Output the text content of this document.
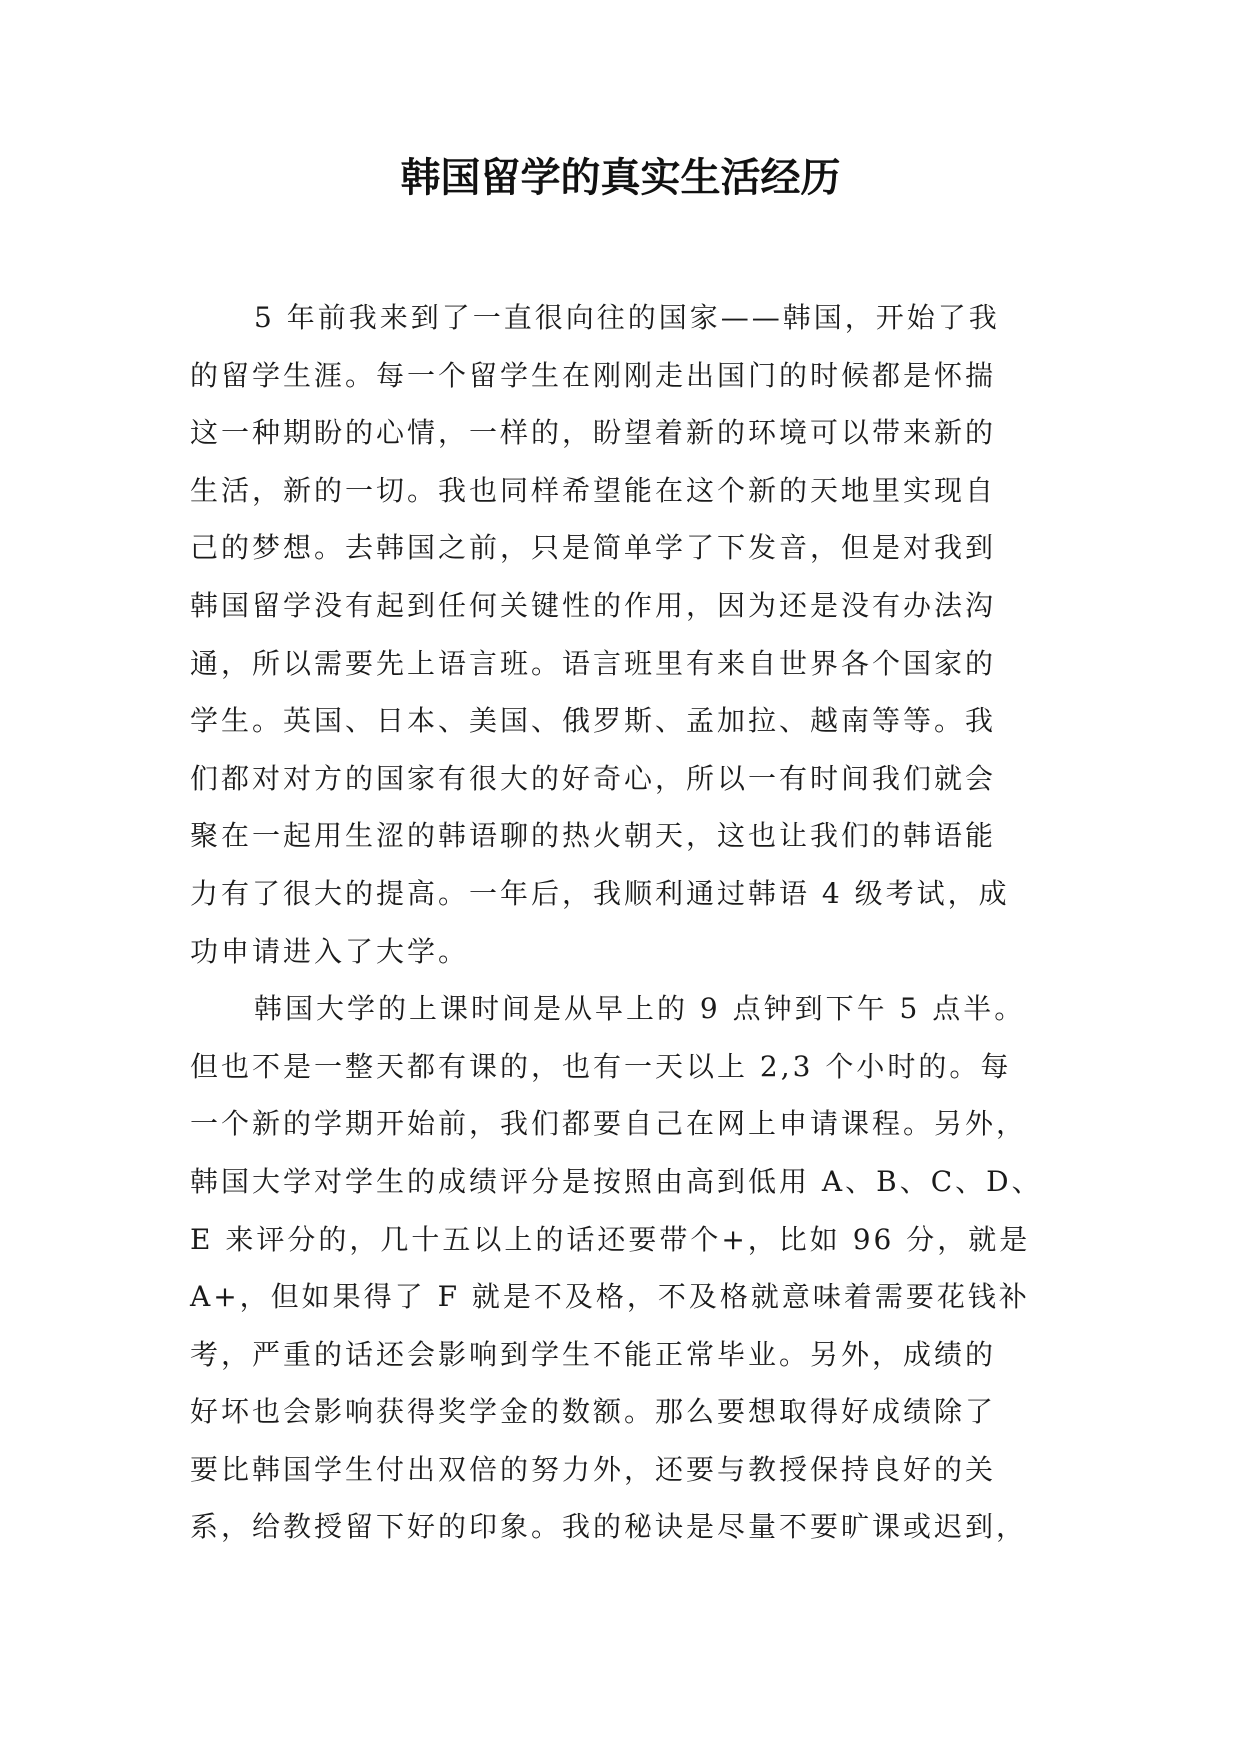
韩国留学的真实生活经历
5 年前我来到了一直很向往的国家——韩国，开始了我
的留学生涯。每一个留学生在刚刚走出国门的时候都是怀揣
这一种期盼的心情，一样的，盼望着新的环境可以带来新的
生活，新的一切。我也同样希望能在这个新的天地里实现自
己的梦想。去韩国之前，只是简单学了下发音，但是对我到
韩国留学没有起到任何关键性的作用，因为还是没有办法沟
通，所以需要先上语言班。语言班里有来自世界各个国家的
学生。英国、日本、美国、俄罗斯、孟加拉、越南等等。我
们都对对方的国家有很大的好奇心，所以一有时间我们就会
聚在一起用生涩的韩语聊的热火朝天，这也让我们的韩语能
力有了很大的提高。一年后，我顺利通过韩语 4 级考试，成
功申请进入了大学。
韩国大学的上课时间是从早上的 9 点钟到下午 5 点半。
但也不是一整天都有课的，也有一天以上 2,3 个小时的。每
一个新的学期开始前，我们都要自己在网上申请课程。另外，
韩国大学对学生的成绩评分是按照由高到低用 A、B、C、D、
E 来评分的，几十五以上的话还要带个+，比如 96 分，就是
A+，但如果得了 F 就是不及格，不及格就意味着需要花钱补
考，严重的话还会影响到学生不能正常毕业。另外，成绩的
好坏也会影响获得奖学金的数额。那么要想取得好成绩除了
要比韩国学生付出双倍的努力外，还要与教授保持良好的关
系，给教授留下好的印象。我的秘诀是尽量不要旷课或迟到，
